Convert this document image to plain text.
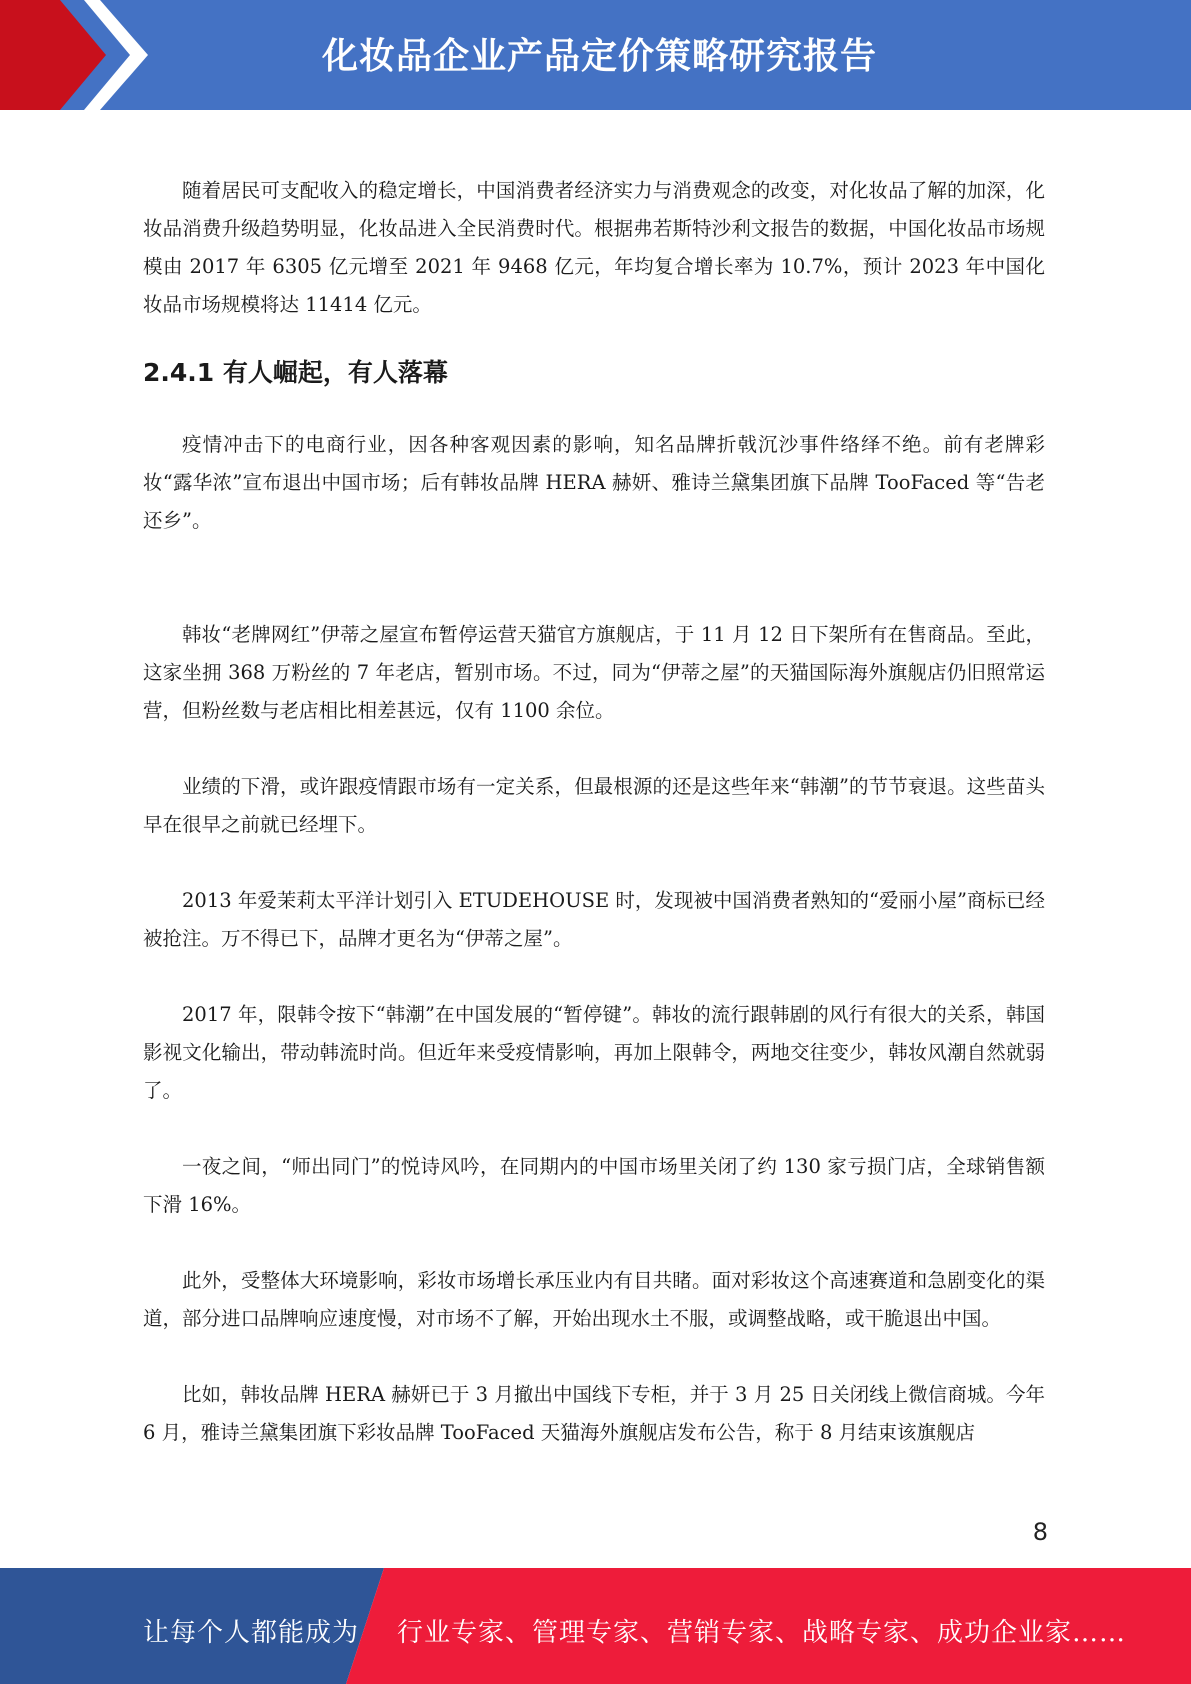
化妆品企业产品定价策略研究报告

随着居民可支配收入的稳定增长，中国消费者经济实力与消费观念的改变，对化妆品了解的加深，化妆品消费升级趋势明显，化妆品进入全民消费时代。根据弗若斯特沙利文报告的数据，中国化妆品市场规模由 2017 年 6305 亿元增至 2021 年 9468 亿元，年均复合增长率为 10.7%，预计 2023 年中国化妆品市场规模将达 11414 亿元。

2.4.1 有人崛起，有人落幕

疫情冲击下的电商行业，因各种客观因素的影响，知名品牌折戟沉沙事件络绎不绝。前有老牌彩妆“露华浓”宣布退出中国市场；后有韩妆品牌 HERA 赫妍、雅诗兰黛集团旗下品牌 TooFaced 等“告老还乡”。

韩妆“老牌网红”伊蒂之屋宣布暂停运营天猫官方旗舰店，于 11 月 12 日下架所有在售商品。至此，这家坐拥 368 万粉丝的 7 年老店，暂别市场。不过，同为“伊蒂之屋”的天猫国际海外旗舰店仍旧照常运营，但粉丝数与老店相比相差甚远，仅有 1100 余位。

业绩的下滑，或许跟疫情跟市场有一定关系，但最根源的还是这些年来“韩潮”的节节衰退。这些苗头早在很早之前就已经埋下。

2013 年爱茉莉太平洋计划引入 ETUDEHOUSE 时，发现被中国消费者熟知的“爱丽小屋”商标已经被抢注。万不得已下，品牌才更名为“伊蒂之屋”。

2017 年，限韩令按下“韩潮”在中国发展的“暂停键”。韩妆的流行跟韩剧的风行有很大的关系，韩国影视文化输出，带动韩流时尚。但近年来受疫情影响，再加上限韩令，两地交往变少，韩妆风潮自然就弱了。

一夜之间，“师出同门”的悦诗风吟，在同期内的中国市场里关闭了约 130 家亏损门店，全球销售额下滑 16%。

此外，受整体大环境影响，彩妆市场增长承压业内有目共睹。面对彩妆这个高速赛道和急剧变化的渠道，部分进口品牌响应速度慢，对市场不了解，开始出现水土不服，或调整战略，或干脆退出中国。

比如，韩妆品牌 HERA 赫妍已于 3 月撤出中国线下专柜，并于 3 月 25 日关闭线上微信商城。今年 6 月，雅诗兰黛集团旗下彩妆品牌 TooFaced 天猫海外旗舰店发布公告，称于 8 月结束该旗舰店

8
让每个人都能成为 行业专家、管理专家、营销专家、战略专家、成功企业家……
